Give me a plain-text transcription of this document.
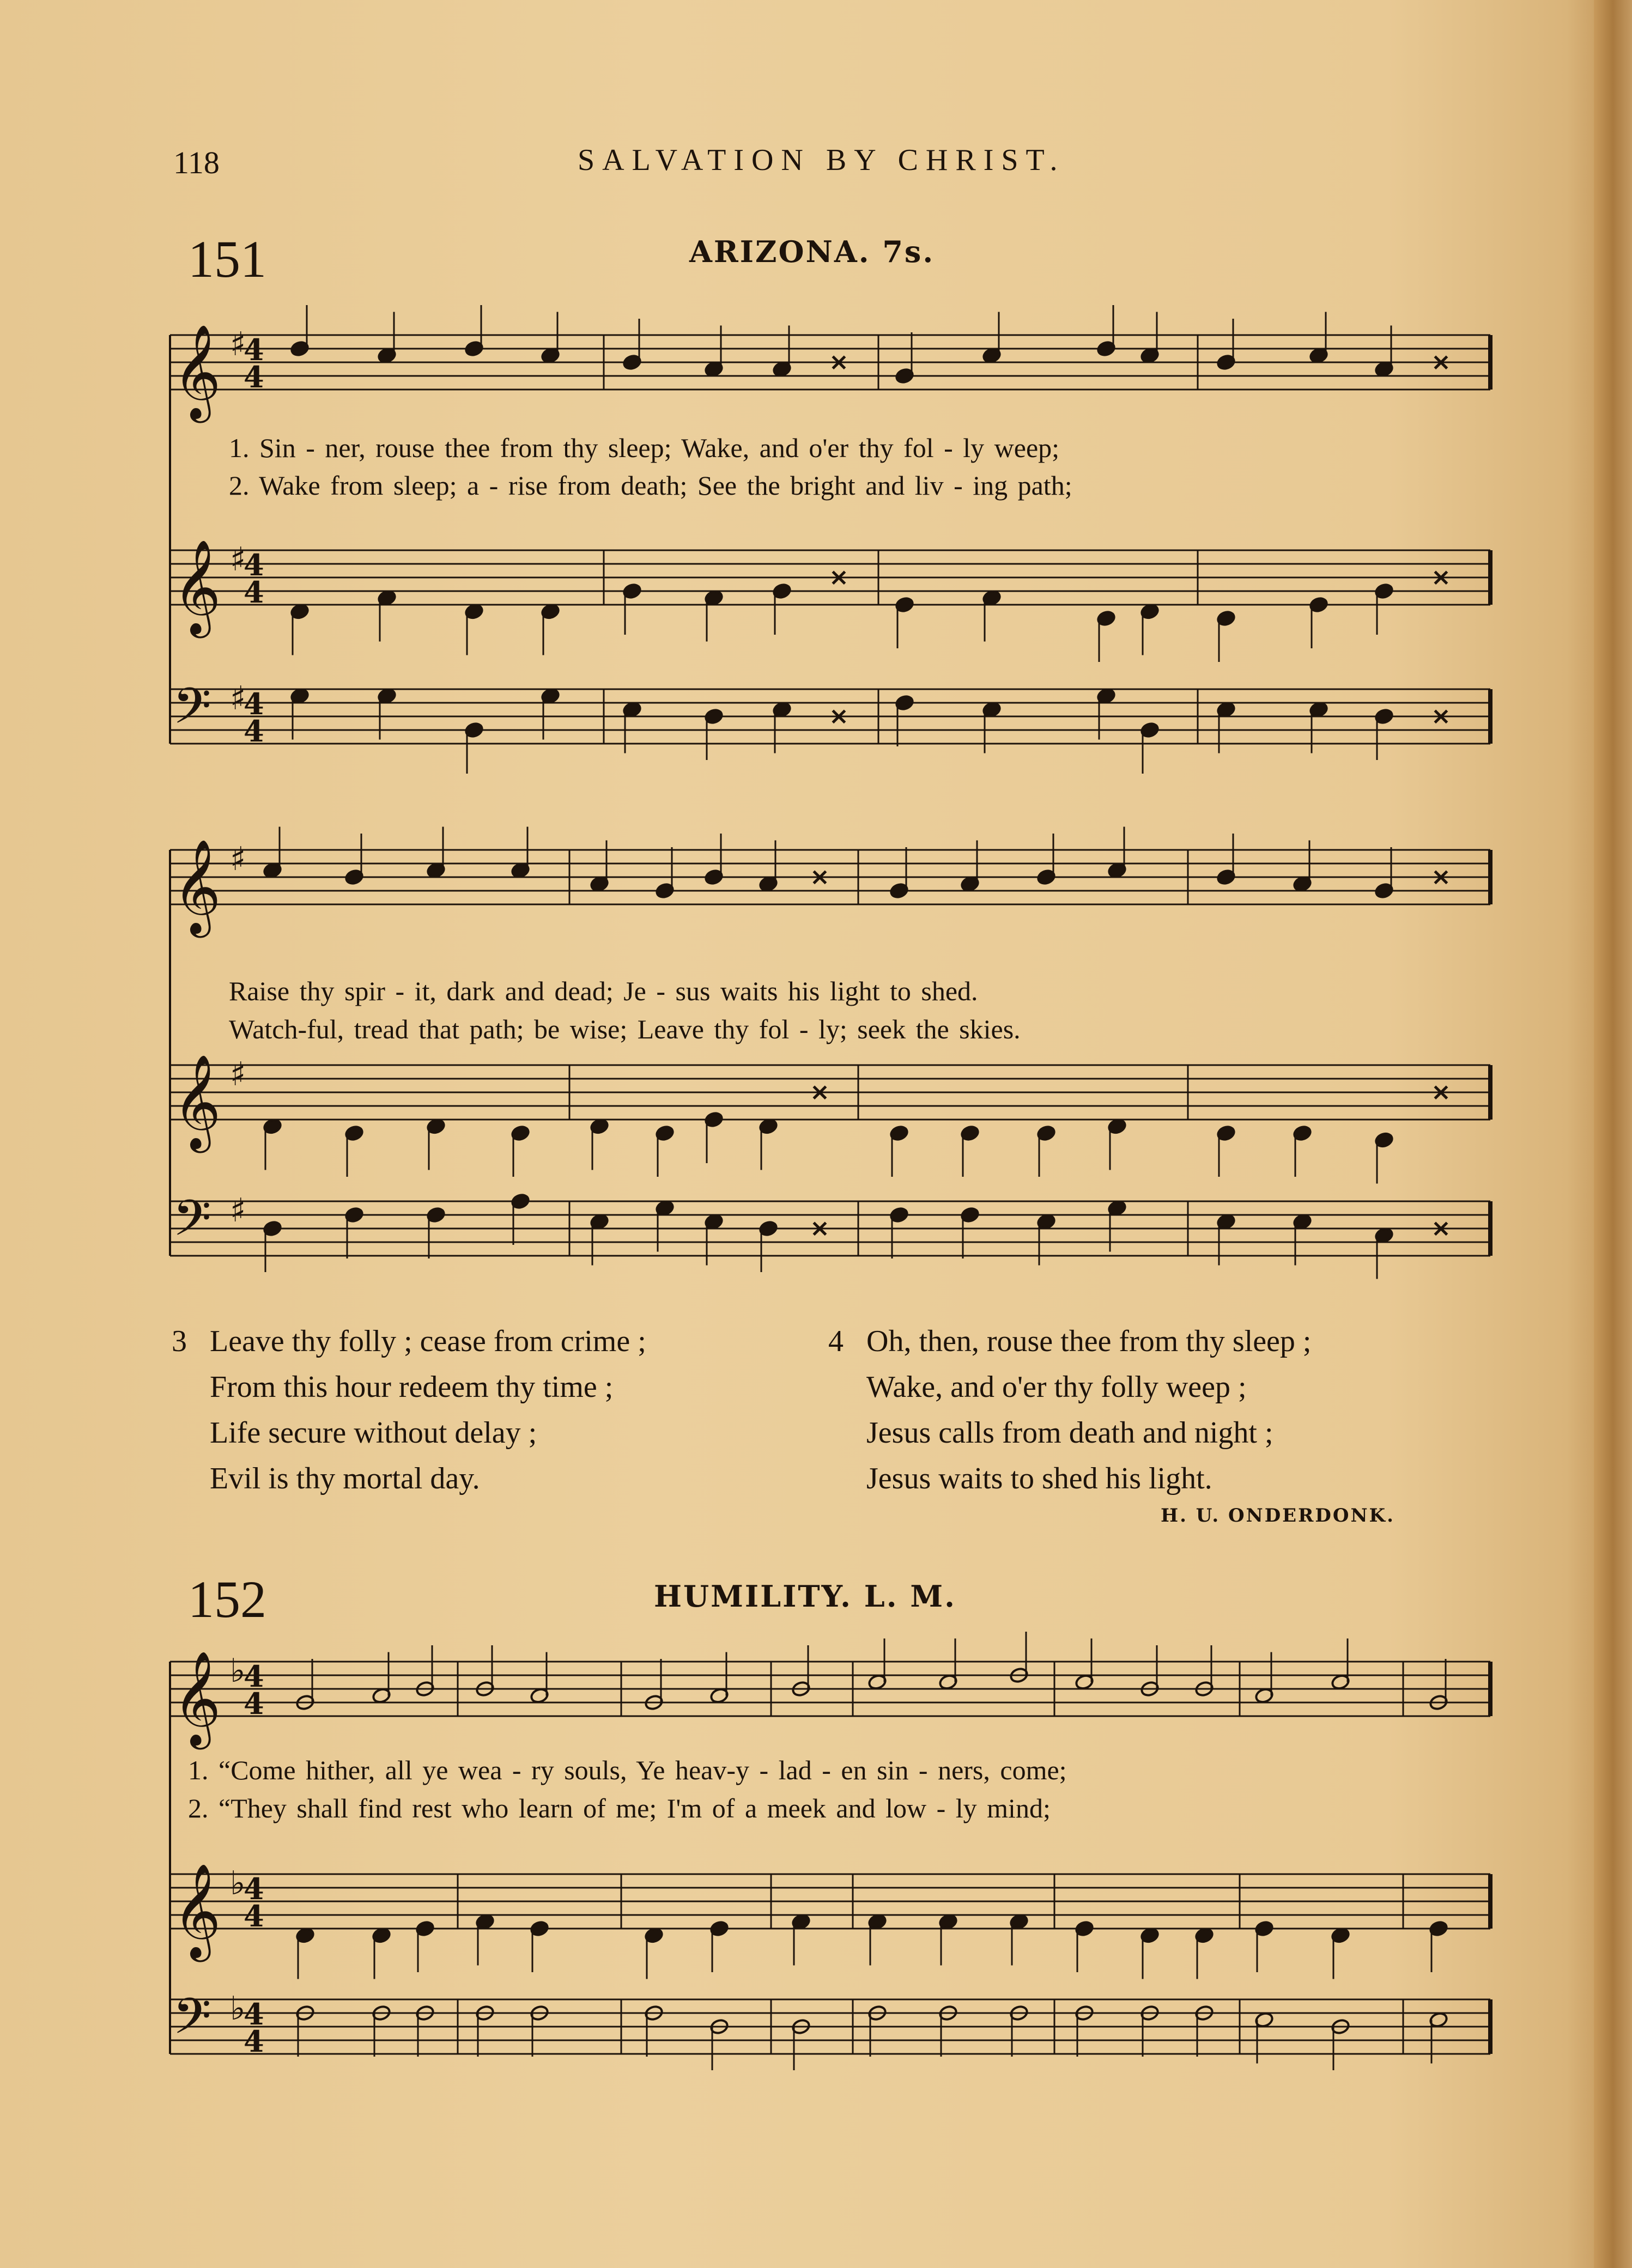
118	SALVATION BY CHRIST.
151	ARIZONA. 7s.
1. Sin - ner, rouse thee from thy sleep; Wake, and o'er thy fol - ly weep;
2. Wake from sleep; a - rise from death; See the bright and liv - ing path;
Raise thy spir - it, dark and dead; Je - sus waits his light to shed.
Watch-ful, tread that path; be wise; Leave thy fol - ly; seek the skies.
3 Leave thy folly ; cease from crime ;
From this hour redeem thy time ;
Life secure without delay ;
Evil is thy mortal day.
4 Oh, then, rouse thee from thy sleep ;
Wake, and o'er thy folly weep ;
Jesus calls from death and night ;
Jesus waits to shed his light.
H. U. ONDERDONK.
152	HUMILITY. L. M.
1. “Come hither, all ye wea - ry souls, Ye heav-y - lad - en sin - ners, come;
2. “They shall find rest who learn of me; I'm of a meek and low - ly mind;
𝄞 ♯
4
4	×	×
𝄞 ♯
4
4	×	×
𝄢 ♯
4
4	×	×
𝄞 ♯	×	×
𝄞 ♯	×	×
𝄢 ♯	×	×
𝄞 ♭
4
4
𝄞 ♭
4
4
𝄢 ♭
4
4
